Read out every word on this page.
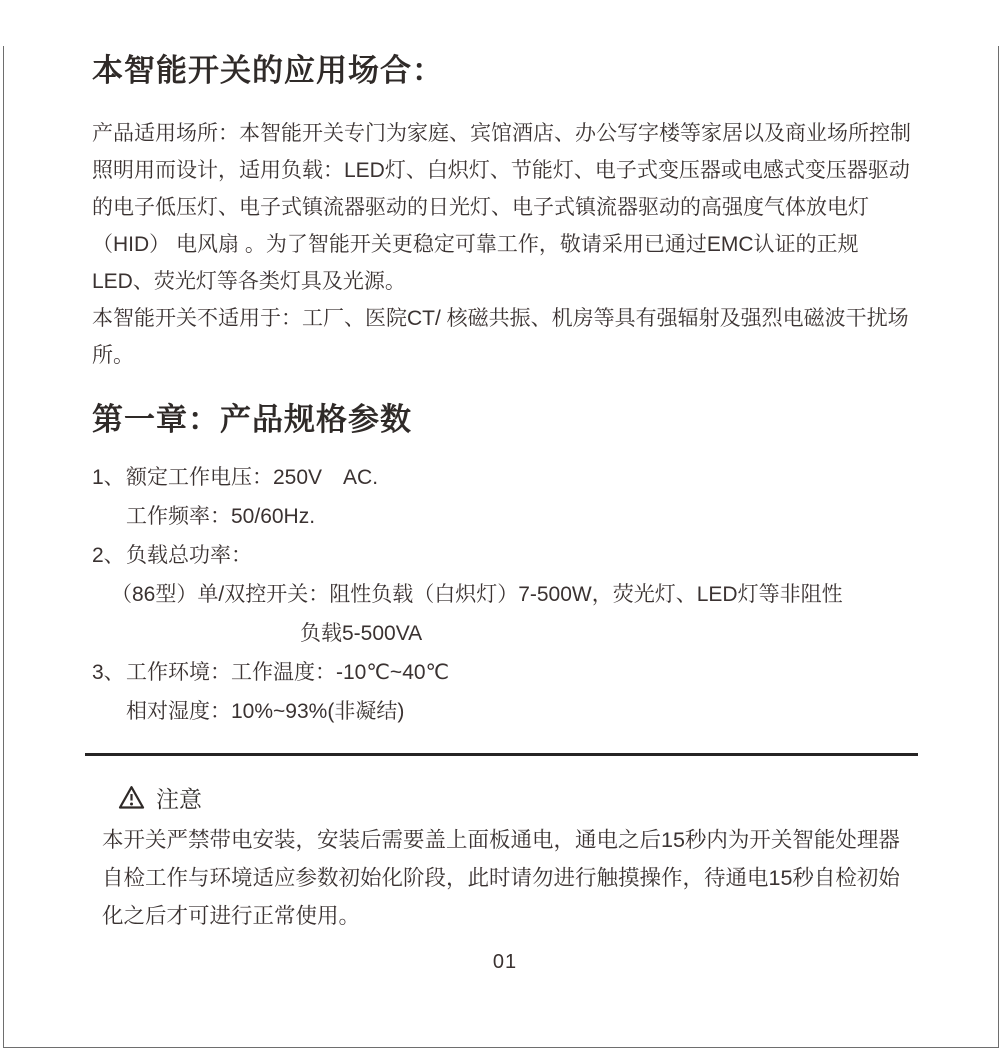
本智能开关的应用场合：

产品适用场所：本智能开关专门为家庭、宾馆酒店、办公写字楼等家居以及商业场所控制照明用而设计，适用负载：LED灯、白炽灯、节能灯、电子式变压器或电感式变压器驱动的电子低压灯、电子式镇流器驱动的日光灯、电子式镇流器驱动的高强度气体放电灯（HID） 电风扇 。为了智能开关更稳定可靠工作，敬请采用已通过EMC认证的正规LED、荧光灯等各类灯具及光源。

本智能开关不适用于：工厂、医院CT/ 核磁共振、机房等具有强辐射及强烈电磁波干扰场所。

第一章：产品规格参数
1、 额定工作电压：250V　AC.
工作频率：50/60Hz.
2、 负载总功率：
（86型）单/双控开关：阻性负载（白炽灯）7-500W，荧光灯、LED灯等非阻性
负载5-500VA
3、 工作环境：工作温度：-10℃~40℃
相对湿度：10%~93%(非凝结)
注意

本开关严禁带电安装，安装后需要盖上面板通电，通电之后15秒内为开关智能处理器自检工作与环境适应参数初始化阶段，此时请勿进行触摸操作，待通电15秒自检初始化之后才可进行正常使用。

01
